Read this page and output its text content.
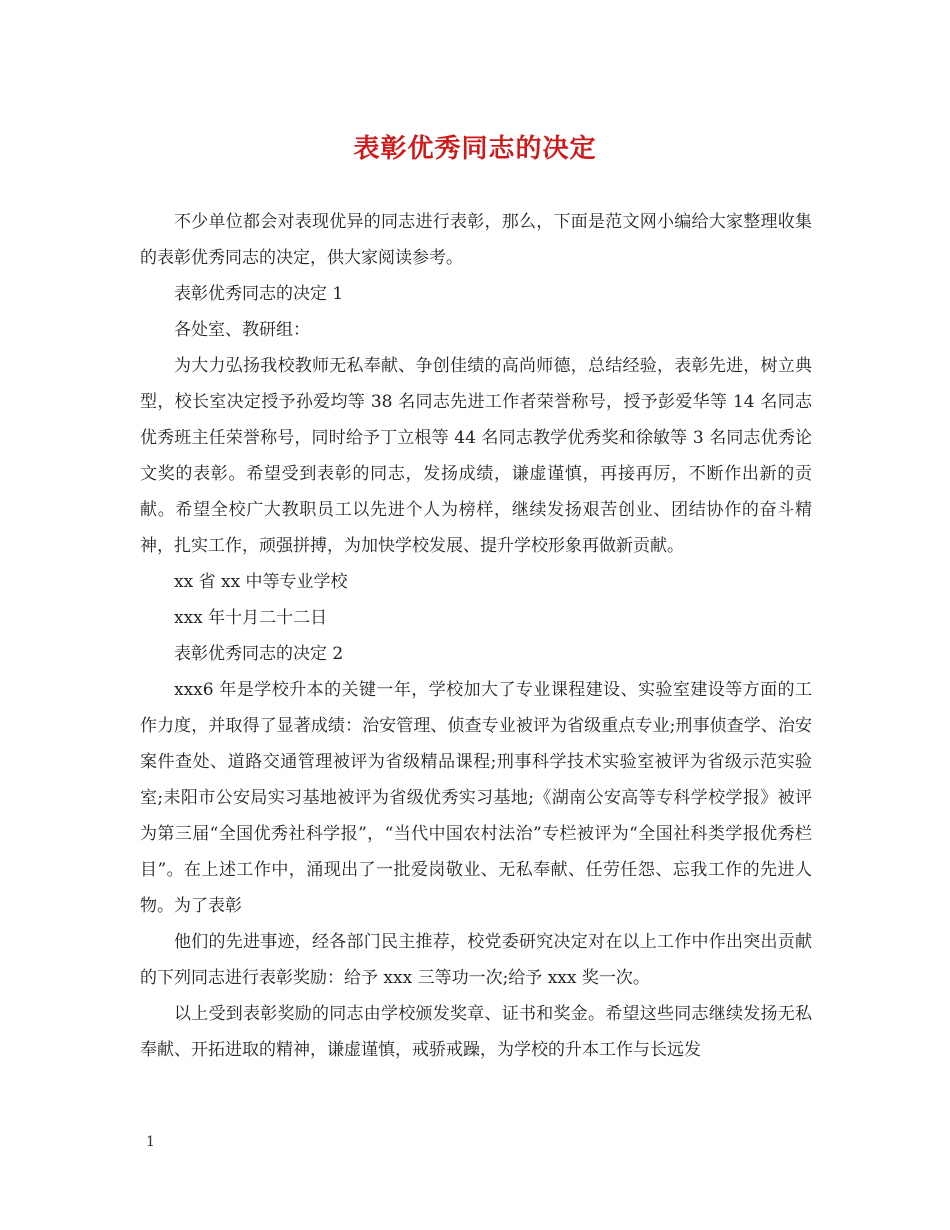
表彰优秀同志的决定

不少单位都会对表现优异的同志进行表彰，那么，下面是范文网小编给大家整理收集的表彰优秀同志的决定，供大家阅读参考。

表彰优秀同志的决定 1

各处室、教研组：

为大力弘扬我校教师无私奉献、争创佳绩的高尚师德，总结经验，表彰先进，树立典型，校长室决定授予孙爱均等 38 名同志先进工作者荣誉称号，授予彭爱华等 14 名同志优秀班主任荣誉称号，同时给予丁立根等 44 名同志教学优秀奖和徐敏等 3 名同志优秀论文奖的表彰。希望受到表彰的同志，发扬成绩，谦虚谨慎，再接再厉，不断作出新的贡献。希望全校广大教职员工以先进个人为榜样，继续发扬艰苦创业、团结协作的奋斗精神，扎实工作，顽强拼搏，为加快学校发展、提升学校形象再做新贡献。

xx 省 xx 中等专业学校

xxx 年十月二十二日

表彰优秀同志的决定 2

xxx6 年是学校升本的关键一年，学校加大了专业课程建设、实验室建设等方面的工作力度，并取得了显著成绩：治安管理、侦查专业被评为省级重点专业;刑事侦查学、治安案件查处、道路交通管理被评为省级精品课程;刑事科学技术实验室被评为省级示范实验室;耒阳市公安局实习基地被评为省级优秀实习基地;《湖南公安高等专科学校学报》被评为第三届“全国优秀社科学报”，“当代中国农村法治”专栏被评为“全国社科类学报优秀栏目”。在上述工作中，涌现出了一批爱岗敬业、无私奉献、任劳任怨、忘我工作的先进人物。为了表彰

他们的先进事迹，经各部门民主推荐，校党委研究决定对在以上工作中作出突出贡献的下列同志进行表彰奖励：给予 xxx 三等功一次;给予 xxx 奖一次。

以上受到表彰奖励的同志由学校颁发奖章、证书和奖金。希望这些同志继续发扬无私奉献、开拓进取的精神，谦虚谨慎，戒骄戒躁，为学校的升本工作与长远发

1
